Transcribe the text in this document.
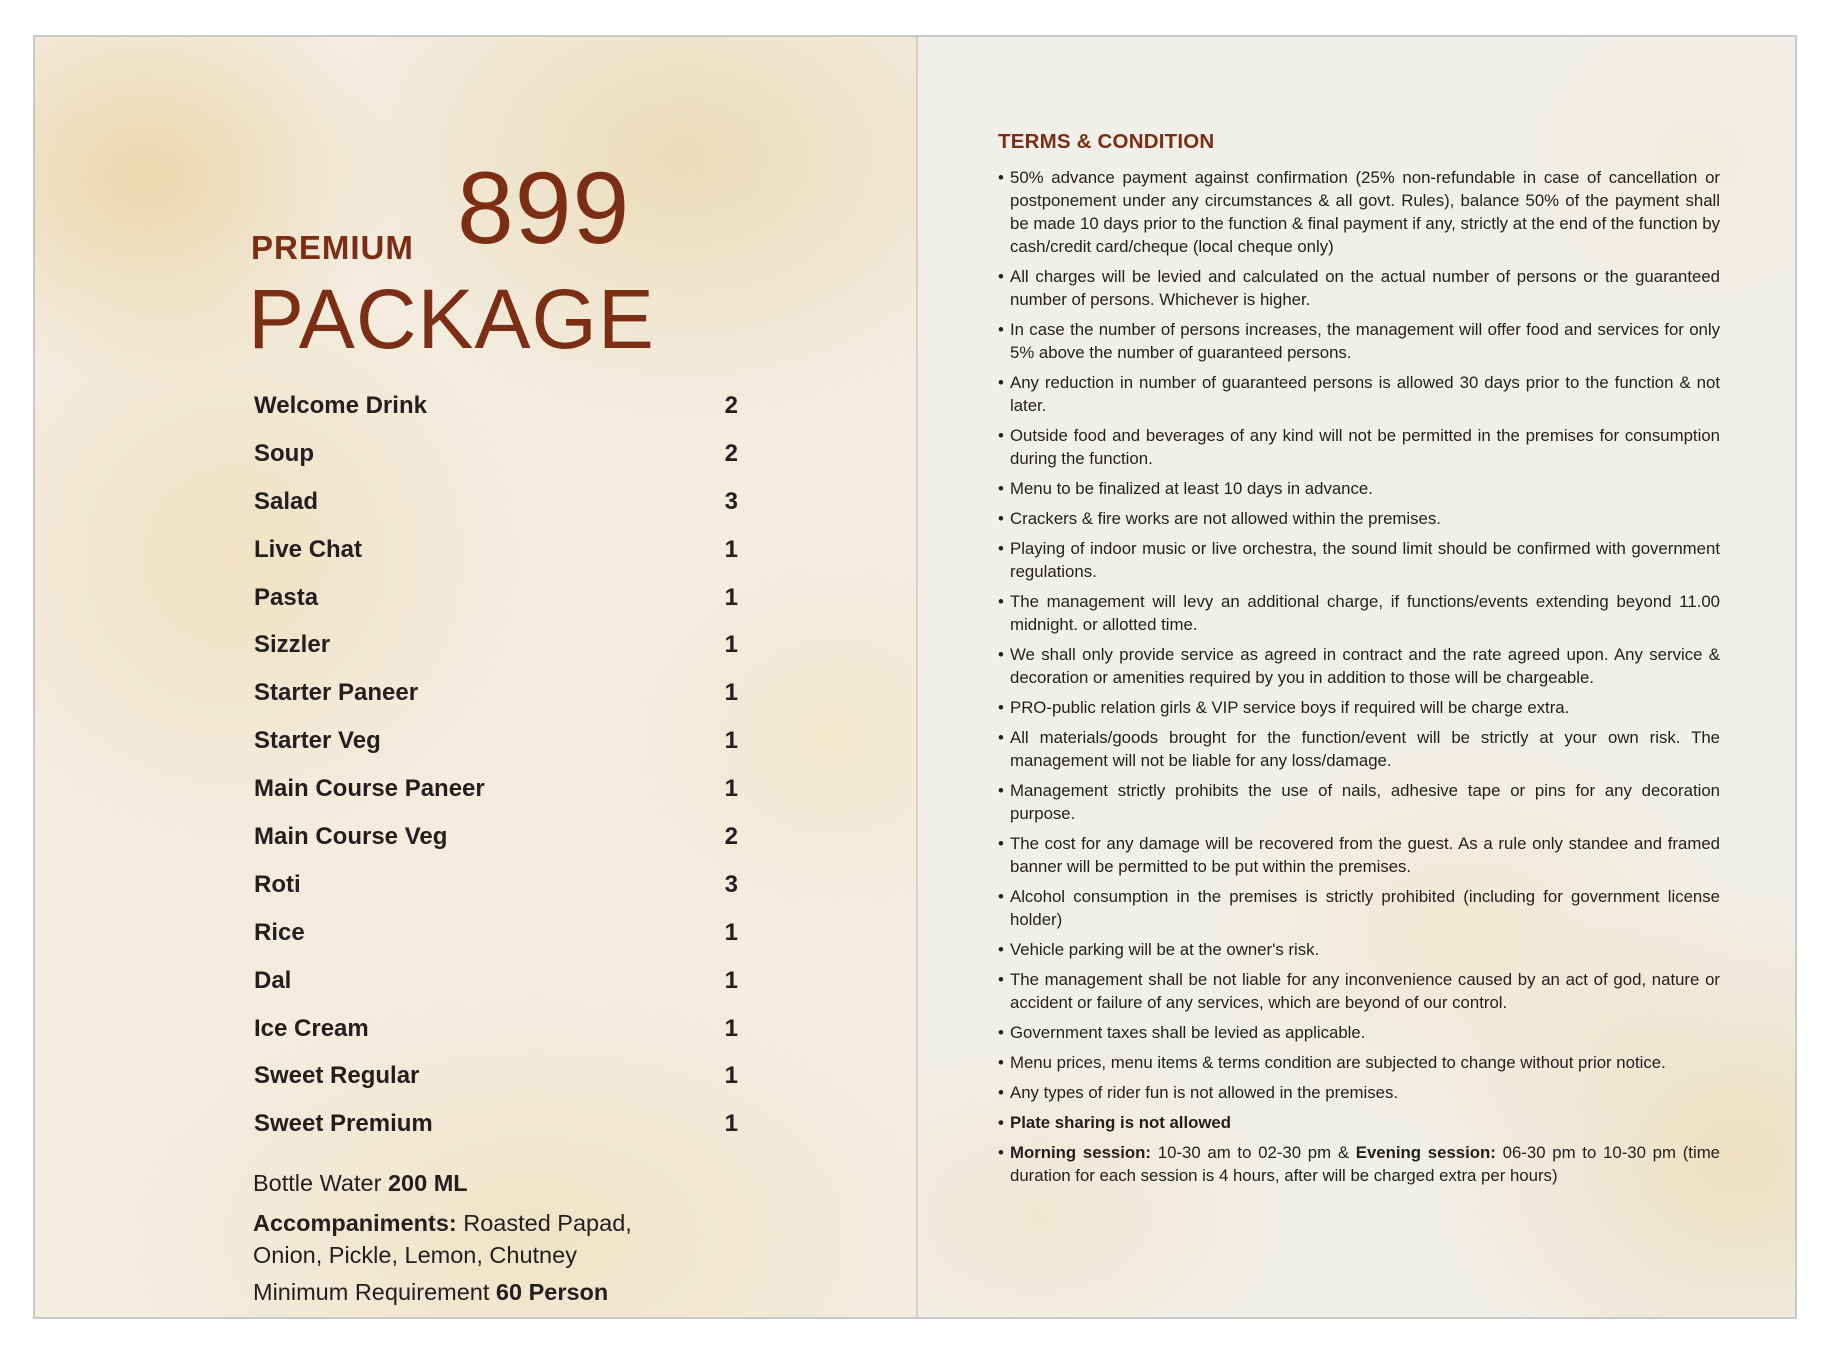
PREMIUM 899
PACKAGE
Welcome Drink	2
Soup	2
Salad	3
Live Chat	1
Pasta	1
Sizzler	1
Starter Paneer	1
Starter Veg	1
Main Course Paneer	1
Main Course Veg	2
Roti	3
Rice	1
Dal	1
Ice Cream	1
Sweet Regular	1
Sweet Premium	1
Bottle Water 200 ML
Accompaniments: Roasted Papad, Onion, Pickle, Lemon, Chutney
Minimum Requirement 60 Person
TERMS & CONDITION
• 50% advance payment against confirmation (25% non-refundable in case of cancellation or postponement under any circumstances & all govt. Rules), balance 50% of the payment shall be made 10 days prior to the function & final payment if any, strictly at the end of the function by cash/credit card/cheque (local cheque only)
• All charges will be levied and calculated on the actual number of persons or the guaranteed number of persons. Whichever is higher.
• In case the number of persons increases, the management will offer food and services for only 5% above the number of guaranteed persons.
• Any reduction in number of guaranteed persons is allowed 30 days prior to the function & not later.
• Outside food and beverages of any kind will not be permitted in the premises for consumption during the function.
• Menu to be finalized at least 10 days in advance.
• Crackers & fire works are not allowed within the premises.
• Playing of indoor music or live orchestra, the sound limit should be confirmed with government regulations.
• The management will levy an additional charge, if functions/events extending beyond 11.00 midnight. or allotted time.
• We shall only provide service as agreed in contract and the rate agreed upon. Any service & decoration or amenities required by you in addition to those will be chargeable.
• PRO-public relation girls & VIP service boys if required will be charge extra.
• All materials/goods brought for the function/event will be strictly at your own risk. The management will not be liable for any loss/damage.
• Management strictly prohibits the use of nails, adhesive tape or pins for any decoration purpose.
• The cost for any damage will be recovered from the guest. As a rule only standee and framed banner will be permitted to be put within the premises.
• Alcohol consumption in the premises is strictly prohibited (including for government license holder)
• Vehicle parking will be at the owner's risk.
• The management shall be not liable for any inconvenience caused by an act of god, nature or accident or failure of any services, which are beyond of our control.
• Government taxes shall be levied as applicable.
• Menu prices, menu items & terms condition are subjected to change without prior notice.
• Any types of rider fun is not allowed in the premises.
• Plate sharing is not allowed
• Morning session: 10-30 am to 02-30 pm & Evening session: 06-30 pm to 10-30 pm (time duration for each session is 4 hours, after will be charged extra per hours)
